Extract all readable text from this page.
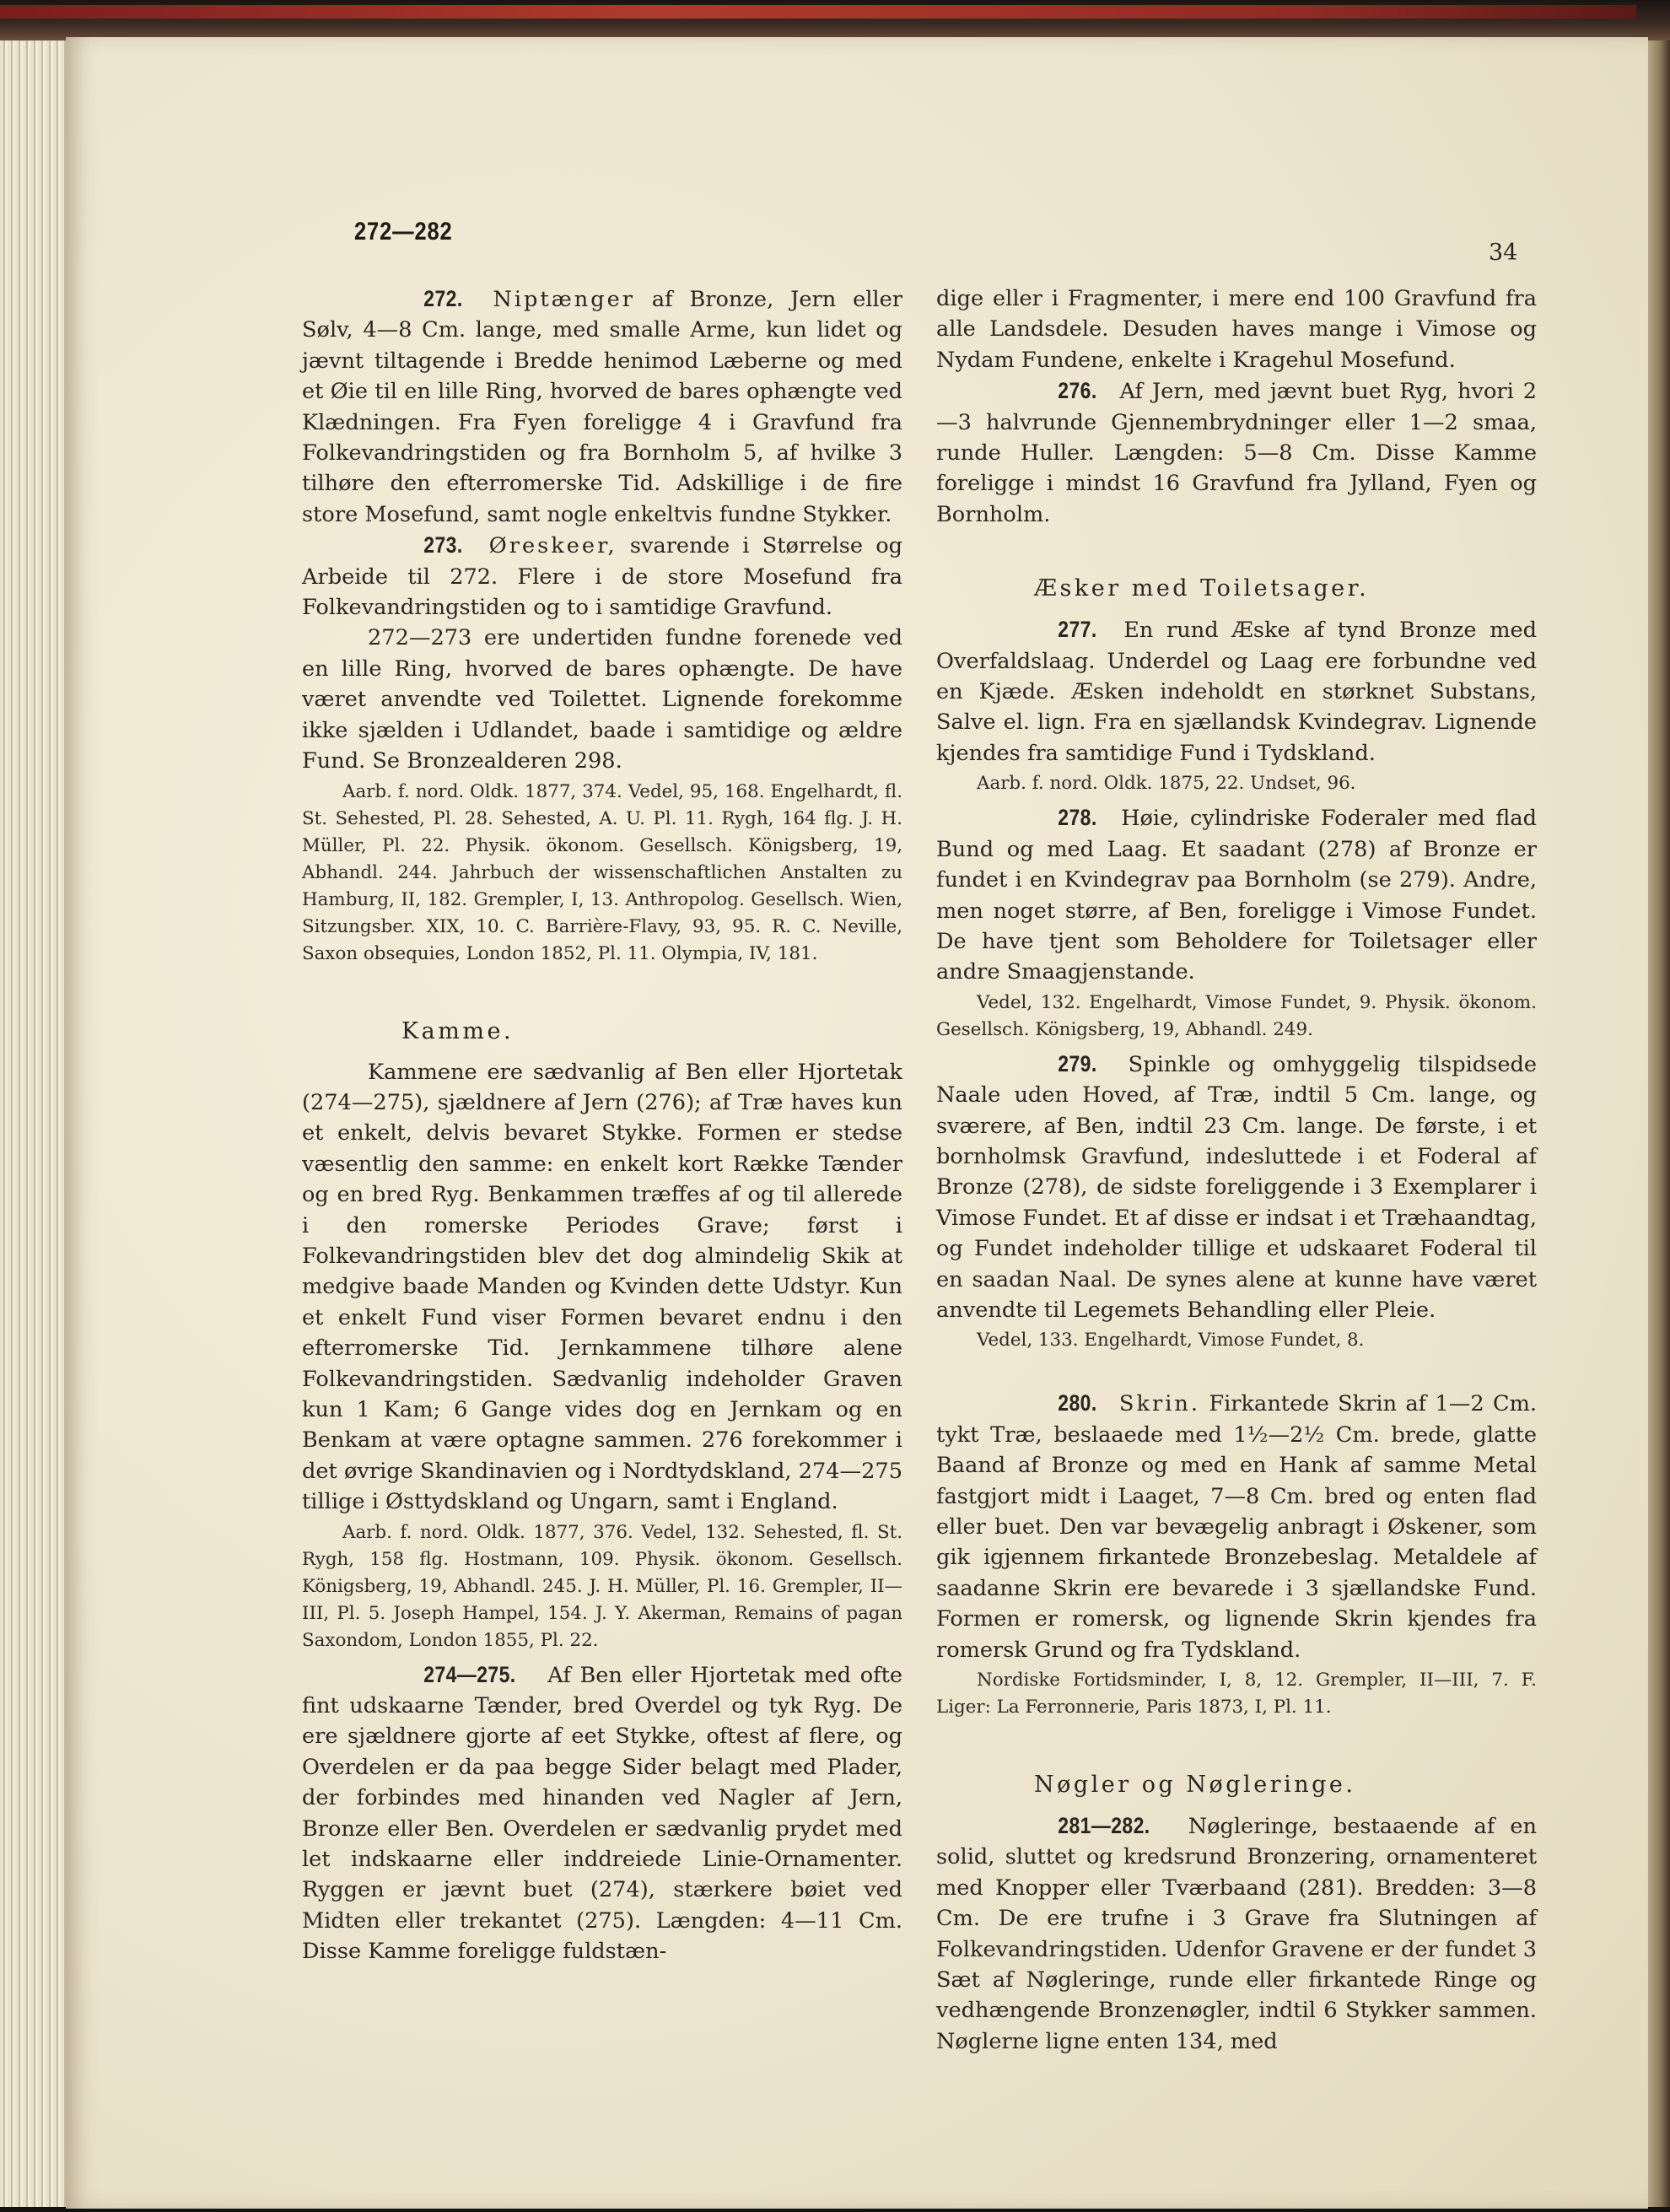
272—282
34

272. Niptænger af Bronze, Jern eller Sølv, 4—8 Cm. lange, med smalle Arme, kun lidet og jævnt tiltagende i Bredde henimod Læberne og med et Øie til en lille Ring, hvorved de bares ophængte ved Klædningen. Fra Fyen foreligge 4 i Gravfund fra Folkevandringstiden og fra Bornholm 5, af hvilke 3 tilhøre den efterromerske Tid. Adskillige i de fire store Mosefund, samt nogle enkeltvis fundne Stykker.

273. Øreskeer, svarende i Størrelse og Arbeide til 272. Flere i de store Mosefund fra Folkevandringstiden og to i samtidige Gravfund.

272—273 ere undertiden fundne forenede ved en lille Ring, hvorved de bares ophængte. De have været anvendte ved Toilettet. Lignende forekomme ikke sjælden i Udlandet, baade i samtidige og ældre Fund. Se Bronzealderen 298.

Aarb. f. nord. Oldk. 1877, 374. Vedel, 95, 168. Engelhardt, fl. St. Sehested, Pl. 28. Sehested, A. U. Pl. 11. Rygh, 164 flg. J. H. Müller, Pl. 22. Physik. ökonom. Gesellsch. Königsberg, 19, Abhandl. 244. Jahrbuch der wissenschaftlichen Anstalten zu Hamburg, II, 182. Grempler, I, 13. Anthropolog. Gesellsch. Wien, Sitzungsber. XIX, 10. C. Barrière-Flavy, 93, 95. R. C. Neville, Saxon obsequies, London 1852, Pl. 11. Olympia, IV, 181.

Kamme.

Kammene ere sædvanlig af Ben eller Hjortetak (274—275), sjældnere af Jern (276); af Træ haves kun et enkelt, delvis bevaret Stykke. Formen er stedse væsentlig den samme: en enkelt kort Række Tænder og en bred Ryg. Benkammen træffes af og til allerede i den romerske Periodes Grave; først i Folkevandringstiden blev det dog almindelig Skik at medgive baade Manden og Kvinden dette Udstyr. Kun et enkelt Fund viser Formen bevaret endnu i den efterromerske Tid. Jernkammene tilhøre alene Folkevandringstiden. Sædvanlig indeholder Graven kun 1 Kam; 6 Gange vides dog en Jernkam og en Benkam at være optagne sammen. 276 forekommer i det øvrige Skandinavien og i Nordtydskland, 274—275 tillige i Østtydskland og Ungarn, samt i England.

Aarb. f. nord. Oldk. 1877, 376. Vedel, 132. Sehested, fl. St. Rygh, 158 flg. Hostmann, 109. Physik. ökonom. Gesellsch. Königsberg, 19, Abhandl. 245. J. H. Müller, Pl. 16. Grempler, II—III, Pl. 5. Joseph Hampel, 154. J. Y. Akerman, Remains of pagan Saxondom, London 1855, Pl. 22.

274—275. Af Ben eller Hjortetak med ofte fint udskaarne Tænder, bred Overdel og tyk Ryg. De ere sjældnere gjorte af eet Stykke, oftest af flere, og Overdelen er da paa begge Sider belagt med Plader, der forbindes med hinanden ved Nagler af Jern, Bronze eller Ben. Overdelen er sædvanlig prydet med let indskaarne eller inddreiede Linie-Ornamenter. Ryggen er jævnt buet (274), stærkere bøiet ved Midten eller trekantet (275). Længden: 4—11 Cm. Disse Kamme foreligge fuldstæn-

dige eller i Fragmenter, i mere end 100 Gravfund fra alle Landsdele. Desuden haves mange i Vimose og Nydam Fundene, enkelte i Kragehul Mosefund.

276. Af Jern, med jævnt buet Ryg, hvori 2—3 halvrunde Gjennembrydninger eller 1—2 smaa, runde Huller. Længden: 5—8 Cm. Disse Kamme foreligge i mindst 16 Gravfund fra Jylland, Fyen og Bornholm.

Æsker med Toiletsager.

277. En rund Æske af tynd Bronze med Overfaldslaag. Underdel og Laag ere forbundne ved en Kjæde. Æsken indeholdt en størknet Substans, Salve el. lign. Fra en sjællandsk Kvindegrav. Lignende kjendes fra samtidige Fund i Tydskland.

Aarb. f. nord. Oldk. 1875, 22. Undset, 96.

278. Høie, cylindriske Foderaler med flad Bund og med Laag. Et saadant (278) af Bronze er fundet i en Kvindegrav paa Bornholm (se 279). Andre, men noget større, af Ben, foreligge i Vimose Fundet. De have tjent som Beholdere for Toiletsager eller andre Smaagjenstande.

Vedel, 132. Engelhardt, Vimose Fundet, 9. Physik. ökonom. Gesellsch. Königsberg, 19, Abhandl. 249.

279. Spinkle og omhyggelig tilspidsede Naale uden Hoved, af Træ, indtil 5 Cm. lange, og sværere, af Ben, indtil 23 Cm. lange. De første, i et bornholmsk Gravfund, indesluttede i et Foderal af Bronze (278), de sidste foreliggende i 3 Exemplarer i Vimose Fundet. Et af disse er indsat i et Træhaandtag, og Fundet indeholder tillige et udskaaret Foderal til en saadan Naal. De synes alene at kunne have været anvendte til Legemets Behandling eller Pleie.

Vedel, 133. Engelhardt, Vimose Fundet, 8.

280. Skrin. Firkantede Skrin af 1—2 Cm. tykt Træ, beslaaede med 1½—2½ Cm. brede, glatte Baand af Bronze og med en Hank af samme Metal fastgjort midt i Laaget, 7—8 Cm. bred og enten flad eller buet. Den var bevægelig anbragt i Øskener, som gik igjennem firkantede Bronzebeslag. Metaldele af saadanne Skrin ere bevarede i 3 sjællandske Fund. Formen er romersk, og lignende Skrin kjendes fra romersk Grund og fra Tydskland.

Nordiske Fortidsminder, I, 8, 12. Grempler, II—III, 7. F. Liger: La Ferronnerie, Paris 1873, I, Pl. 11.

Nøgler og Nøgleringe.

281—282. Nøgleringe, bestaaende af en solid, sluttet og kredsrund Bronzering, ornamenteret med Knopper eller Tværbaand (281). Bredden: 3—8 Cm. De ere trufne i 3 Grave fra Slutningen af Folkevandringstiden. Udenfor Gravene er der fundet 3 Sæt af Nøgleringe, runde eller firkantede Ringe og vedhængende Bronzenøgler, indtil 6 Stykker sammen. Nøglerne ligne enten 134, med
